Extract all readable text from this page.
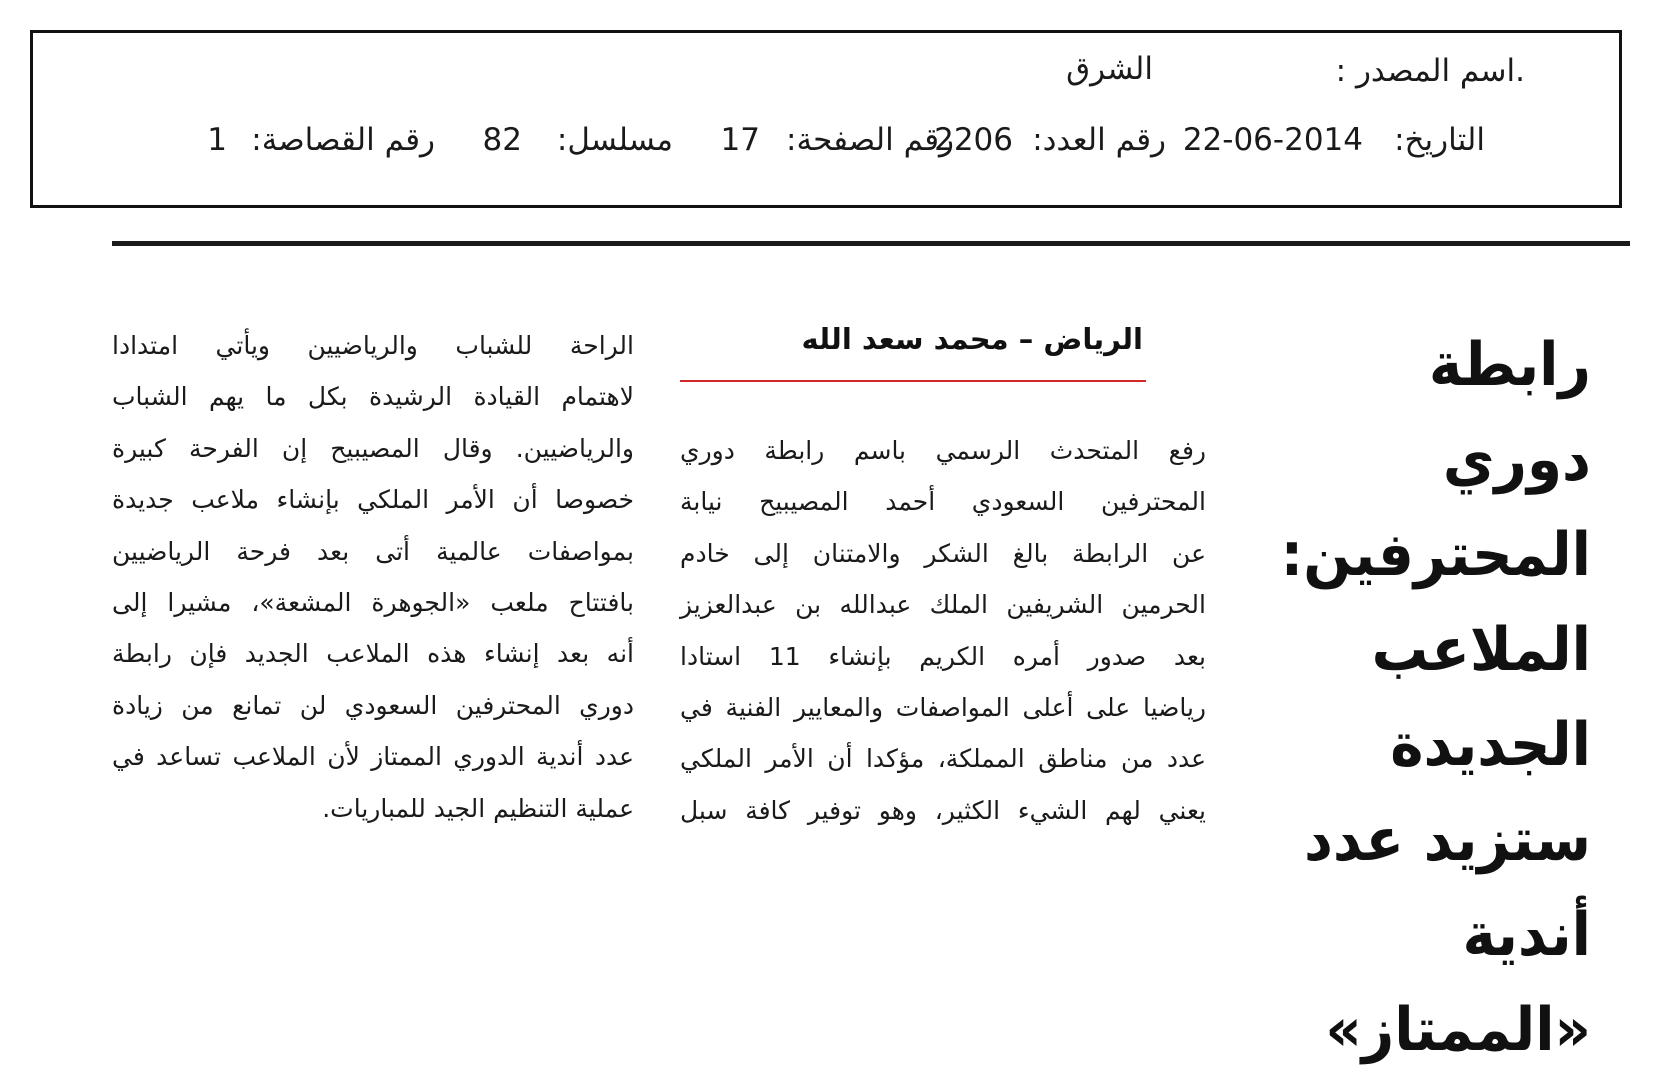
.اسم المصدر :
الشرق
التاريخ:
22-06-2014
رقم العدد:
2206
رقم الصفحة:
17
مسلسل:
82
رقم القصاصة:
1
رابطة دوري المحترفين: الملاعب الجديدة ستزيد عدد أندية «الممتاز»
الرياض – محمد سعد الله
رفع المتحدث الرسمي باسم رابطة دوري
المحترفين السعودي أحمد المصيبيح نيابة
عن الرابطة بالغ الشكر والامتنان إلى خادم
الحرمين الشريفين الملك عبدالله بن عبدالعزيز
بعد صدور أمره الكريم بإنشاء 11 استادا
رياضيا على أعلى المواصفات والمعايير الفنية في
عدد من مناطق المملكة، مؤكدا أن الأمر الملكي
يعني لهم الشيء الكثير، وهو توفير كافة سبل
الراحة للشباب والرياضيين ويأتي امتدادا
لاهتمام القيادة الرشيدة بكل ما يهم الشباب
والرياضيين. وقال المصيبيح إن الفرحة كبيرة
خصوصا أن الأمر الملكي بإنشاء ملاعب جديدة
بمواصفات عالمية أتى بعد فرحة الرياضيين
بافتتاح ملعب «الجوهرة المشعة»، مشيرا إلى
أنه بعد إنشاء هذه الملاعب الجديد فإن رابطة
دوري المحترفين السعودي لن تمانع من زيادة
عدد أندية الدوري الممتاز لأن الملاعب تساعد في
عملية التنظيم الجيد للمباريات.
